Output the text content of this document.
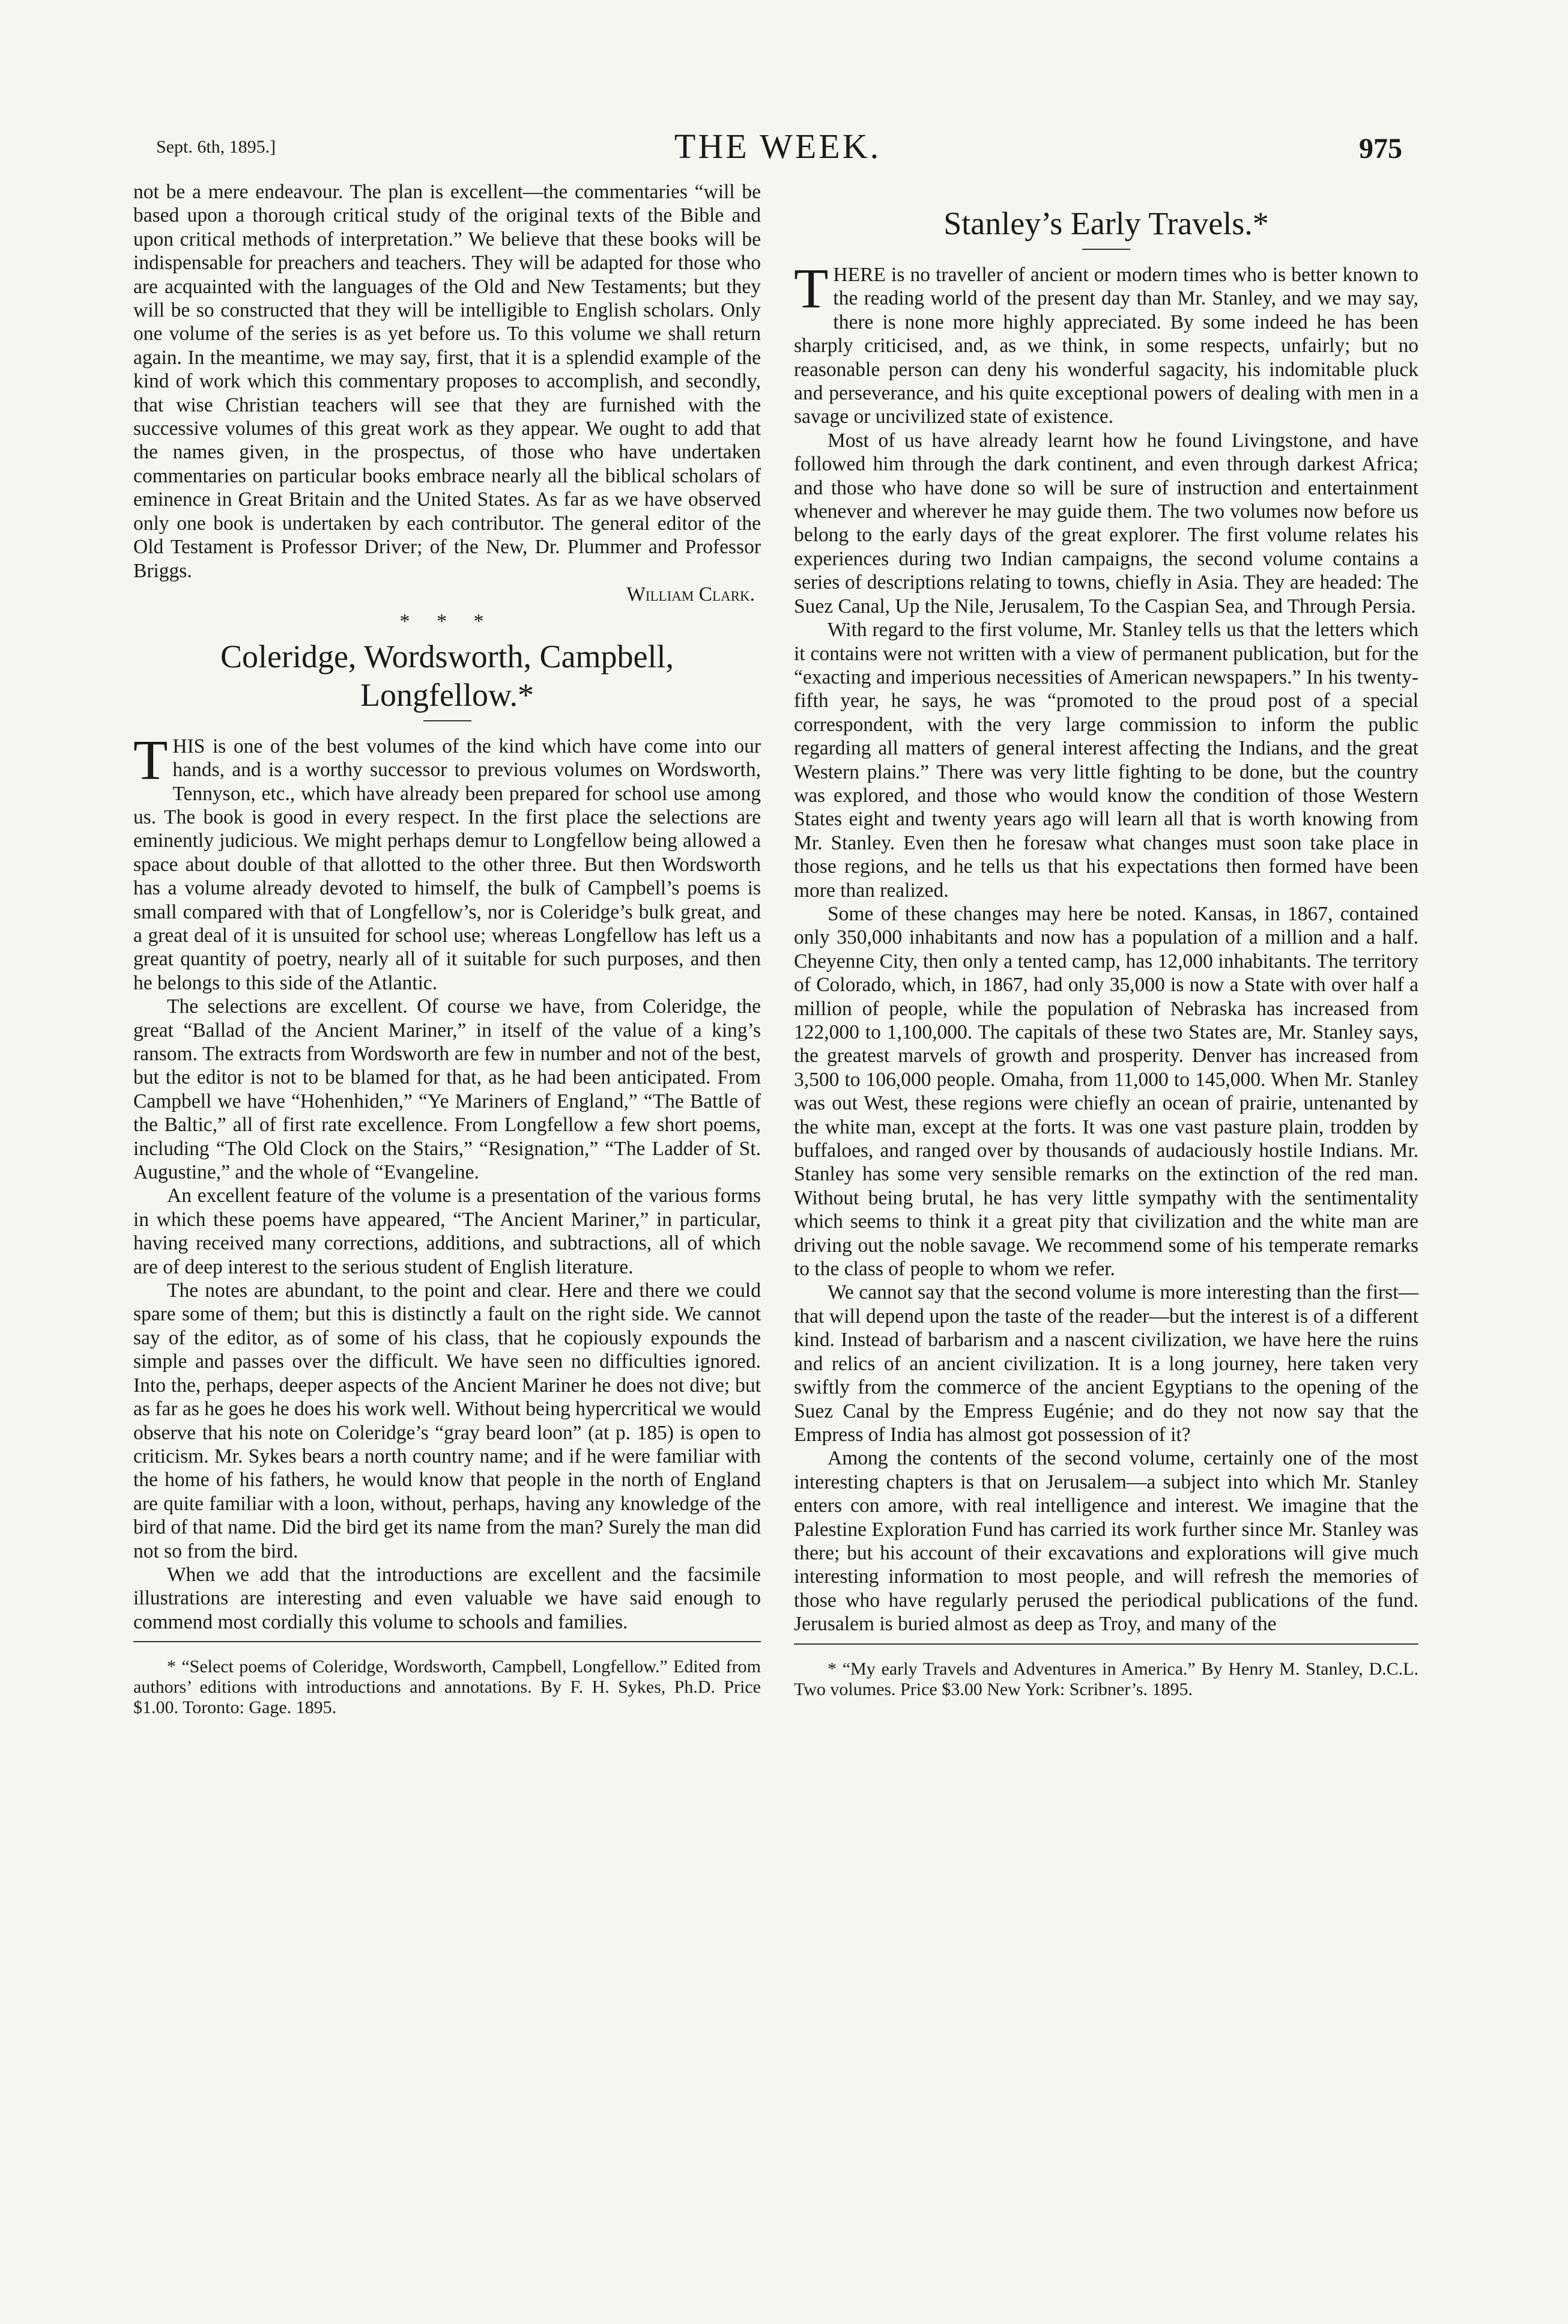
Sept. 6th, 1895.]	THE WEEK.	975

not be a mere endeavour. The plan is excellent—the commentaries “will be based upon a thorough critical study of the original texts of the Bible and upon critical methods of interpretation.” We believe that these books will be indispensable for preachers and teachers. They will be adapted for those who are acquainted with the languages of the Old and New Testaments; but they will be so constructed that they will be intelligible to English scholars. Only one volume of the series is as yet before us. To this volume we shall return again. In the meantime, we may say, first, that it is a splendid example of the kind of work which this commentary proposes to accomplish, and secondly, that wise Christian teachers will see that they are furnished with the successive volumes of this great work as they appear. We ought to add that the names given, in the prospectus, of those who have undertaken commentaries on particular books embrace nearly all the biblical scholars of eminence in Great Britain and the United States. As far as we have observed only one book is undertaken by each contributor. The general editor of the Old Testament is Professor Driver; of the New, Dr. Plummer and Professor Briggs.

William Clark.

* * *
Coleridge, Wordsworth, Campbell, Longfellow.*

THIS is one of the best volumes of the kind which have come into our hands, and is a worthy successor to previous volumes on Wordsworth, Tennyson, etc., which have already been prepared for school use among us. The book is good in every respect. In the first place the selections are eminently judicious. We might perhaps demur to Longfellow being allowed a space about double of that allotted to the other three. But then Wordsworth has a volume already devoted to himself, the bulk of Campbell’s poems is small compared with that of Longfellow’s, nor is Coleridge’s bulk great, and a great deal of it is unsuited for school use; whereas Longfellow has left us a great quantity of poetry, nearly all of it suitable for such purposes, and then he belongs to this side of the Atlantic.

The selections are excellent. Of course we have, from Coleridge, the great “Ballad of the Ancient Mariner,” in itself of the value of a king’s ransom. The extracts from Wordsworth are few in number and not of the best, but the editor is not to be blamed for that, as he had been anticipated. From Campbell we have “Hohenhiden,” “Ye Mariners of England,” “The Battle of the Baltic,” all of first rate excellence. From Longfellow a few short poems, including “The Old Clock on the Stairs,” “Resignation,” “The Ladder of St. Augustine,” and the whole of “Evangeline.

An excellent feature of the volume is a presentation of the various forms in which these poems have appeared, “The Ancient Mariner,” in particular, having received many corrections, additions, and subtractions, all of which are of deep interest to the serious student of English literature.

The notes are abundant, to the point and clear. Here and there we could spare some of them; but this is distinctly a fault on the right side. We cannot say of the editor, as of some of his class, that he copiously expounds the simple and passes over the difficult. We have seen no difficulties ignored. Into the, perhaps, deeper aspects of the Ancient Mariner he does not dive; but as far as he goes he does his work well. Without being hypercritical we would observe that his note on Coleridge’s “gray beard loon” (at p. 185) is open to criticism. Mr. Sykes bears a north country name; and if he were familiar with the home of his fathers, he would know that people in the north of England are quite familiar with a loon, without, perhaps, having any knowledge of the bird of that name. Did the bird get its name from the man? Surely the man did not so from the bird.

When we add that the introductions are excellent and the facsimile illustrations are interesting and even valuable we have said enough to commend most cordially this volume to schools and families.

* “Select poems of Coleridge, Wordsworth, Campbell, Longfellow.” Edited from authors’ editions with introductions and annotations. By F. H. Sykes, Ph.D. Price $1.00. Toronto: Gage. 1895.

Stanley’s Early Travels.*

THERE is no traveller of ancient or modern times who is better known to the reading world of the present day than Mr. Stanley, and we may say, there is none more highly appreciated. By some indeed he has been sharply criticised, and, as we think, in some respects, unfairly; but no reasonable person can deny his wonderful sagacity, his indomitable pluck and perseverance, and his quite exceptional powers of dealing with men in a savage or uncivilized state of existence.

Most of us have already learnt how he found Livingstone, and have followed him through the dark continent, and even through darkest Africa; and those who have done so will be sure of instruction and entertainment whenever and wherever he may guide them. The two volumes now before us belong to the early days of the great explorer. The first volume relates his experiences during two Indian campaigns, the second volume contains a series of descriptions relating to towns, chiefly in Asia. They are headed: The Suez Canal, Up the Nile, Jerusalem, To the Caspian Sea, and Through Persia.

With regard to the first volume, Mr. Stanley tells us that the letters which it contains were not written with a view of permanent publication, but for the “exacting and imperious necessities of American newspapers.” In his twenty-fifth year, he says, he was “promoted to the proud post of a special correspondent, with the very large commission to inform the public regarding all matters of general interest affecting the Indians, and the great Western plains.” There was very little fighting to be done, but the country was explored, and those who would know the condition of those Western States eight and twenty years ago will learn all that is worth knowing from Mr. Stanley. Even then he foresaw what changes must soon take place in those regions, and he tells us that his expectations then formed have been more than realized.

Some of these changes may here be noted. Kansas, in 1867, contained only 350,000 inhabitants and now has a population of a million and a half. Cheyenne City, then only a tented camp, has 12,000 inhabitants. The territory of Colorado, which, in 1867, had only 35,000 is now a State with over half a million of people, while the population of Nebraska has increased from 122,000 to 1,100,000. The capitals of these two States are, Mr. Stanley says, the greatest marvels of growth and prosperity. Denver has increased from 3,500 to 106,000 people. Omaha, from 11,000 to 145,000. When Mr. Stanley was out West, these regions were chiefly an ocean of prairie, untenanted by the white man, except at the forts. It was one vast pasture plain, trodden by buffaloes, and ranged over by thousands of audaciously hostile Indians. Mr. Stanley has some very sensible remarks on the extinction of the red man. Without being brutal, he has very little sympathy with the sentimentality which seems to think it a great pity that civilization and the white man are driving out the noble savage. We recommend some of his temperate remarks to the class of people to whom we refer.

We cannot say that the second volume is more interesting than the first—that will depend upon the taste of the reader—but the interest is of a different kind. Instead of barbarism and a nascent civilization, we have here the ruins and relics of an ancient civilization. It is a long journey, here taken very swiftly from the commerce of the ancient Egyptians to the opening of the Suez Canal by the Empress Eugénie; and do they not now say that the Empress of India has almost got possession of it?

Among the contents of the second volume, certainly one of the most interesting chapters is that on Jerusalem—a subject into which Mr. Stanley enters con amore, with real intelligence and interest. We imagine that the Palestine Exploration Fund has carried its work further since Mr. Stanley was there; but his account of their excavations and explorations will give much interesting information to most people, and will refresh the memories of those who have regularly perused the periodical publications of the fund. Jerusalem is buried almost as deep as Troy, and many of the

* “My early Travels and Adventures in America.” By Henry M. Stanley, D.C.L. Two volumes. Price $3.00 New York: Scribner’s. 1895.
